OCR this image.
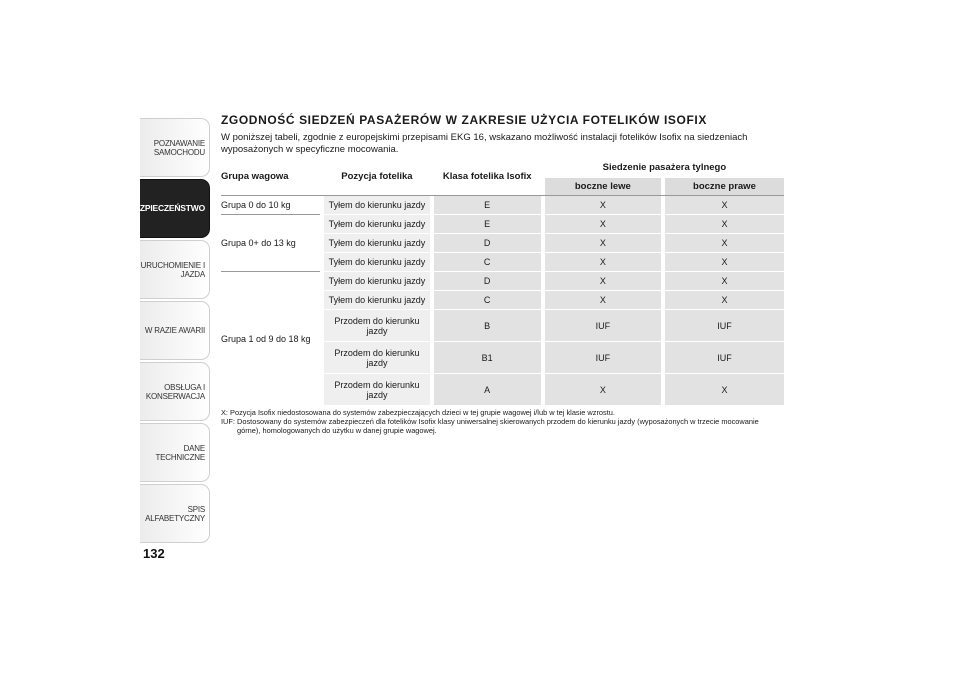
POZNAWANIE
SAMOCHODU
BEZPIECZEŃSTWO
URUCHOMIENIE I
JAZDA
W RAZIE AWARII
OBSŁUGA I
KONSERWACJA
DANE TECHNICZNE
SPIS ALFABETYCZNY
132
ZGODNOŚĆ SIEDZEŃ PASAŻERÓW W ZAKRESIE UŻYCIA FOTELIKÓW ISOFIX

W poniższej tabeli, zgodnie z europejskimi przepisami EKG 16, wskazano możliwość instalacji fotelików Isofix na siedzeniach wyposażonych w specyficzne mocowania.

Grupa wagowa		Pozycja fotelika		Klasa fotelika Isofix		Siedzenie pasażera tylnego		
						boczne lewe		boczne prawe
Grupa 0 do 10 kg		Tyłem do kierunku jazdy		E		X		X
Grupa 0+ do 13 kg		Tyłem do kierunku jazdy		E		X		X
		Tyłem do kierunku jazdy		D		X		X
		Tyłem do kierunku jazdy		C		X		X
Grupa 1 od 9 do 18 kg		Tyłem do kierunku jazdy		D		X		X
		Tyłem do kierunku jazdy		C		X		X
		Przodem do kierunku jazdy		B		IUF		IUF
		Przodem do kierunku jazdy		B1		IUF		IUF
		Przodem do kierunku jazdy		A		X		X

X: Pozycja Isofix niedostosowana do systemów zabezpieczających dzieci w tej grupie wagowej i/lub w tej klasie wzrostu.

IUF: Dostosowany do systemów zabezpieczeń dla fotelików Isofix klasy uniwersalnej skierowanych przodem do kierunku jazdy (wyposażonych w trzecie mocowanie górne), homologowanych do użytku w danej grupie wagowej.
